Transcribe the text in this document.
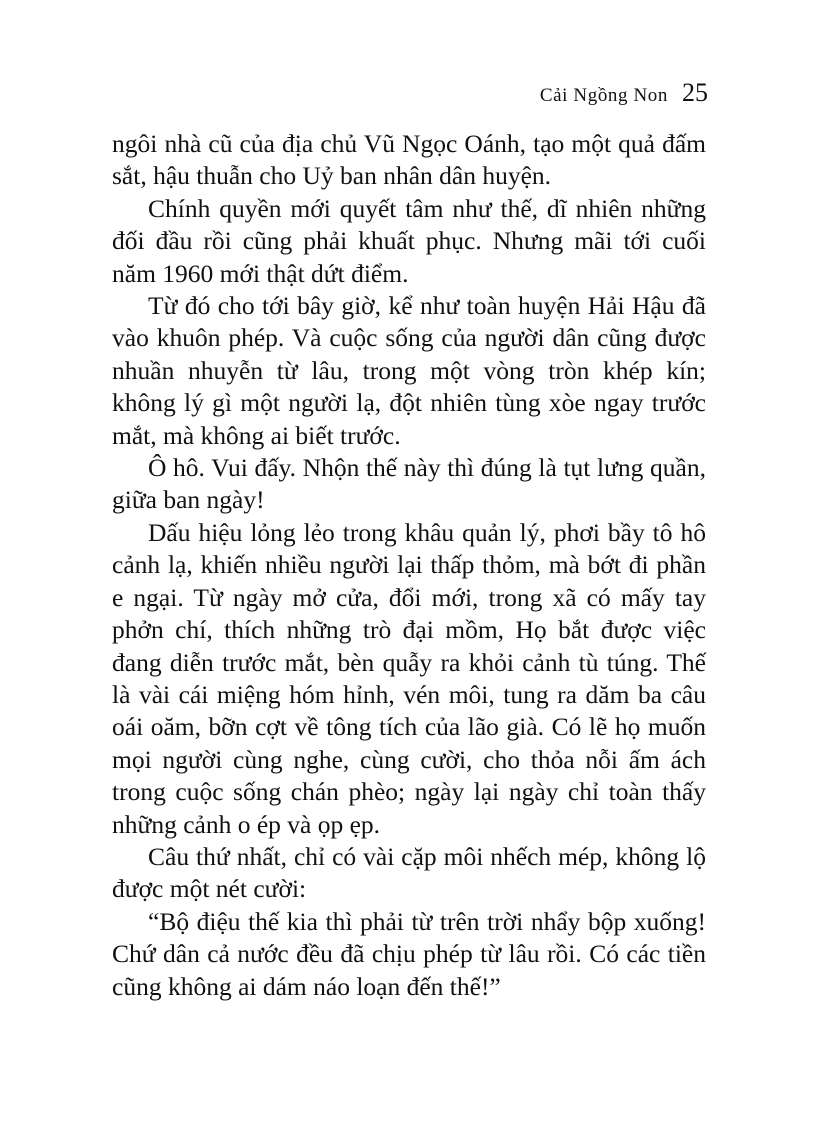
Cải Ngồng Non 25

ngôi nhà cũ của địa chủ Vũ Ngọc Oánh, tạo một quả đấm sắt, hậu thuẫn cho Uỷ ban nhân dân huyện.

Chính quyền mới quyết tâm như thế, dĩ nhiên những đối đầu rồi cũng phải khuất phục. Nhưng mãi tới cuối năm 1960 mới thật dứt điểm.

Từ đó cho tới bây giờ, kể như toàn huyện Hải Hậu đã vào khuôn phép. Và cuộc sống của người dân cũng được nhuần nhuyễn từ lâu, trong một vòng tròn khép kín; không lý gì một người lạ, đột nhiên tùng xòe ngay trước mắt, mà không ai biết trước.

Ô hô. Vui đấy. Nhộn thế này thì đúng là tụt lưng quần, giữa ban ngày!

Dấu hiệu lỏng lẻo trong khâu quản lý, phơi bầy tô hô cảnh lạ, khiến nhiều người lại thấp thỏm, mà bớt đi phần e ngại. Từ ngày mở cửa, đổi mới, trong xã có mấy tay phởn chí, thích những trò đại mồm, Họ bắt được việc đang diễn trước mắt, bèn quẫy ra khỏi cảnh tù túng. Thế là vài cái miệng hóm hỉnh, vén môi, tung ra dăm ba câu oái oăm, bỡn cợt về tông tích của lão già. Có lẽ họ muốn mọi người cùng nghe, cùng cười, cho thỏa nỗi ấm ách trong cuộc sống chán phèo; ngày lại ngày chỉ toàn thấy những cảnh o ép và ọp ẹp.

Câu thứ nhất, chỉ có vài cặp môi nhếch mép, không lộ được một nét cười:

“Bộ điệu thế kia thì phải từ trên trời nhẩy bộp xuống! Chứ dân cả nước đều đã chịu phép từ lâu rồi. Có các tiền cũng không ai dám náo loạn đến thế!”
